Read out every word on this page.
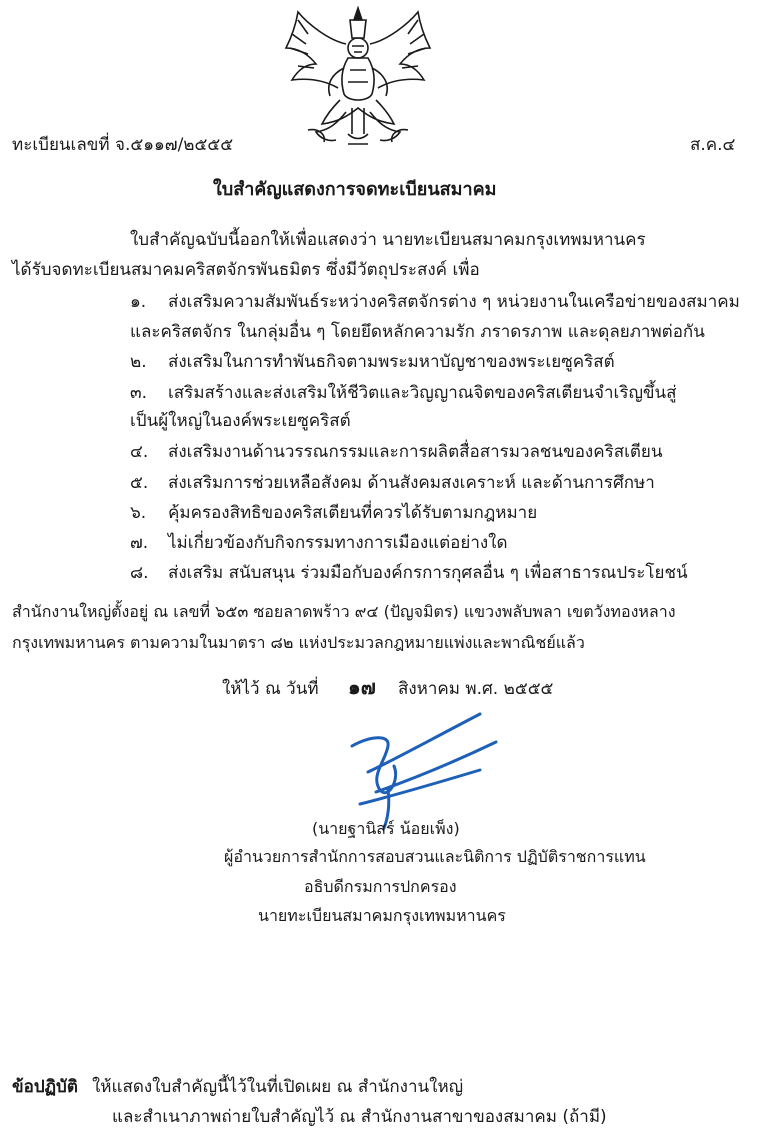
ทะเบียนเลขที่ จ.๕๑๑๗/๒๕๕๕	ส.ค.๔
ใบสำคัญแสดงการจดทะเบียนสมาคม
ใบสำคัญฉบับนี้ออกให้เพื่อแสดงว่า นายทะเบียนสมาคมกรุงเทพมหานคร
ได้รับจดทะเบียนสมาคมคริสตจักรพันธมิตร ซึ่งมีวัตถุประสงค์ เพื่อ
๑. ส่งเสริมความสัมพันธ์ระหว่างคริสตจักรต่าง ๆ หน่วยงานในเครือข่ายของสมาคม
และคริสตจักร ในกลุ่มอื่น ๆ โดยยึดหลักความรัก ภราดรภาพ และดุลยภาพต่อกัน
๒. ส่งเสริมในการทำพันธกิจตามพระมหาบัญชาของพระเยซูคริสต์
๓. เสริมสร้างและส่งเสริมให้ชีวิตและวิญญาณจิตของคริสเตียนจำเริญขึ้นสู่
เป็นผู้ใหญ่ในองค์พระเยซูคริสต์
๔. ส่งเสริมงานด้านวรรณกรรมและการผลิตสื่อสารมวลชนของคริสเตียน
๕. ส่งเสริมการช่วยเหลือสังคม ด้านสังคมสงเคราะห์ และด้านการศึกษา
๖. คุ้มครองสิทธิของคริสเตียนที่ควรได้รับตามกฎหมาย
๗. ไม่เกี่ยวข้องกับกิจกรรมทางการเมืองแต่อย่างใด
๘. ส่งเสริม สนับสนุน ร่วมมือกับองค์กรการกุศลอื่น ๆ เพื่อสาธารณประโยชน์
สำนักงานใหญ่ตั้งอยู่ ณ เลขที่ ๖๕๓ ซอยลาดพร้าว ๙๔ (ปัญจมิตร) แขวงพลับพลา เขตวังทองหลาง
กรุงเทพมหานคร ตามความในมาตรา ๘๒ แห่งประมวลกฎหมายแพ่งและพาณิชย์แล้ว
ให้ไว้ ณ วันที่ ๑๗ สิงหาคม พ.ศ. ๒๕๕๕
(นายฐานิสร์ น้อยเพ็ง)
ผู้อำนวยการสำนักการสอบสวนและนิติการ ปฏิบัติราชการแทน
อธิบดีกรมการปกครอง
นายทะเบียนสมาคมกรุงเทพมหานคร
ข้อปฏิบัติ ให้แสดงใบสำคัญนี้ไว้ในที่เปิดเผย ณ สำนักงานใหญ่
และสำเนาภาพถ่ายใบสำคัญไว้ ณ สำนักงานสาขาของสมาคม (ถ้ามี)
